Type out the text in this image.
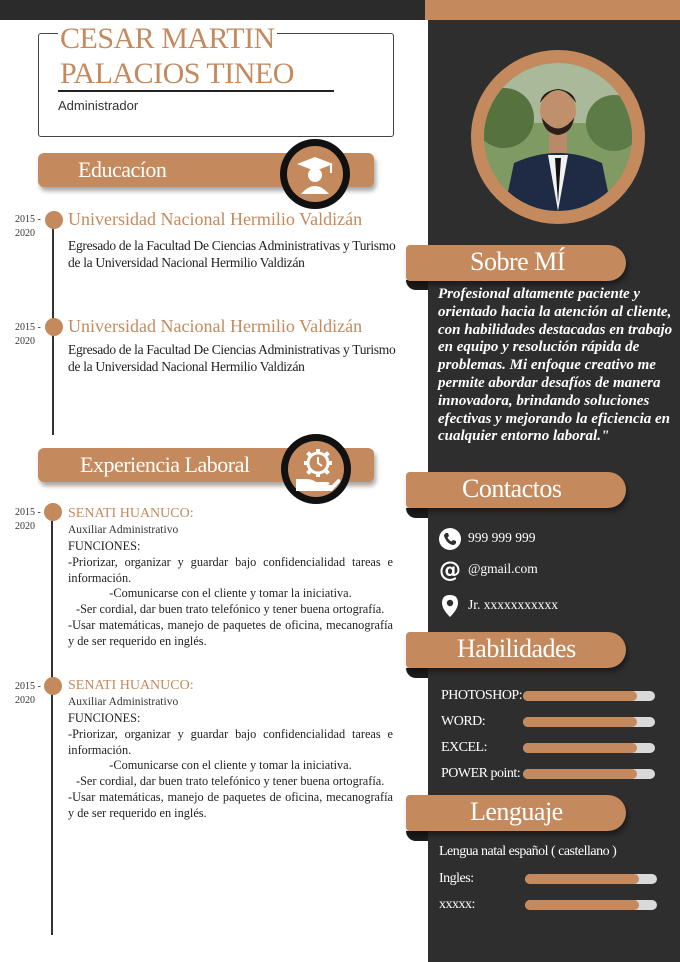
CESAR MARTIN
PALACIOS TINEO
Administrador
Educacíon
2015 -
2020
Universidad Nacional Hermilio Valdizán
Egresado de la Facultad De Ciencias Administrativas y Turismo
de la Universidad Nacional Hermilio Valdizán
2015 -
2020
Universidad Nacional Hermilio Valdizán
Egresado de la Facultad De Ciencias Administrativas y Turismo
de la Universidad Nacional Hermilio Valdizán
Experiencia Laboral
2015 -
2020
SENATI HUANUCO:
Auxiliar Administrativo
FUNCIONES:

-Priorizar, organizar y guardar bajo confidencialidad tareas e información.

-Comunicarse con el cliente y tomar la iniciativa.

-Ser cordial, dar buen trato telefónico y tener buena ortografía.

-Usar matemáticas, manejo de paquetes de oficina, mecanografía y de ser requerido en inglés.

2015 -
2020
SENATI HUANUCO:
Auxiliar Administrativo
FUNCIONES:

-Priorizar, organizar y guardar bajo confidencialidad tareas e información.

-Comunicarse con el cliente y tomar la iniciativa.

-Ser cordial, dar buen trato telefónico y tener buena ortografía.

-Usar matemáticas, manejo de paquetes de oficina, mecanografía y de ser requerido en inglés.

Sobre MÍ
Profesional altamente paciente y orientado hacia la atención al cliente, con habilidades destacadas en trabajo en equipo y resolución rápida de problemas. Mi enfoque creativo me permite abordar desafíos de manera innovadora, brindando soluciones efectivas y mejorando la eficiencia en cualquier entorno laboral."
Contactos
999 999 999
@ @gmail.com
Jr. xxxxxxxxxxx
Habilidades
PHOTOSHOP:
WORD:
EXCEL:
POWER point:
Lenguaje
Lengua natal español ( castellano )
Ingles:
xxxxx:
